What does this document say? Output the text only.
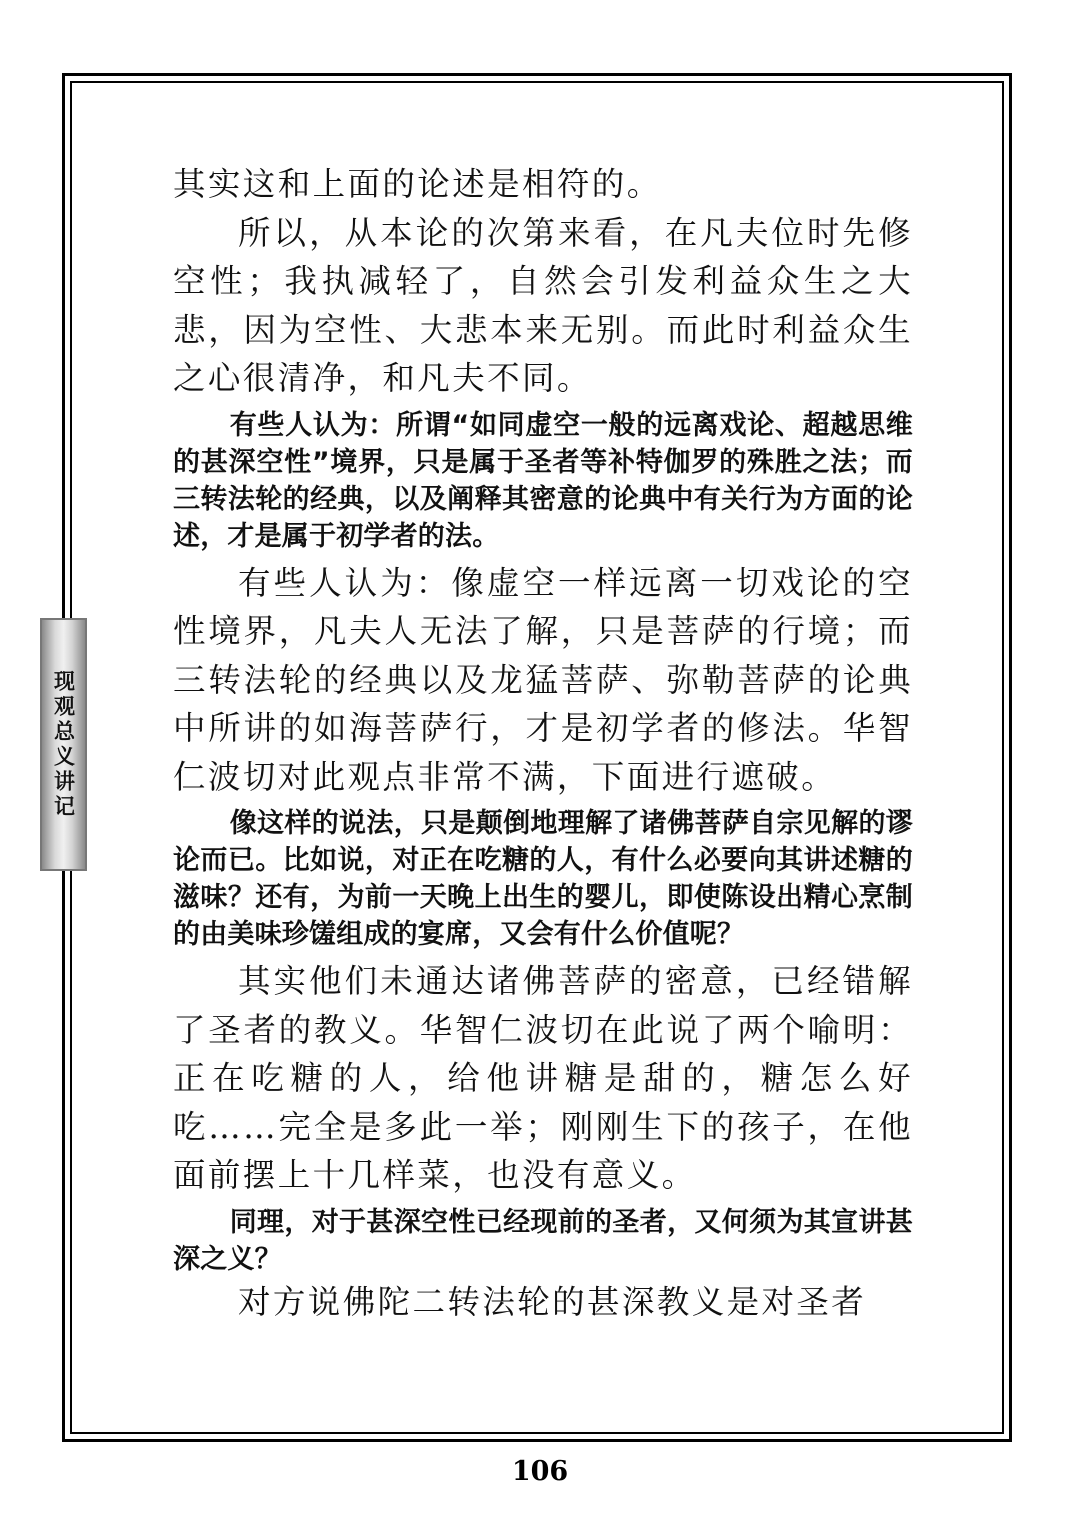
现观总义讲记

其实这和上面的论述是相符的。

所以，从本论的次第来看，在凡夫位时先修空性；我执减轻了，自然会引发利益众生之大悲，因为空性、大悲本来无别。而此时利益众生之心很清净，和凡夫不同。

有些人认为：所谓“如同虚空一般的远离戏论、超越思维的甚深空性”境界，只是属于圣者等补特伽罗的殊胜之法；而三转法轮的经典，以及阐释其密意的论典中有关行为方面的论述，才是属于初学者的法。

有些人认为：像虚空一样远离一切戏论的空性境界，凡夫人无法了解，只是菩萨的行境；而三转法轮的经典以及龙猛菩萨、弥勒菩萨的论典中所讲的如海菩萨行，才是初学者的修法。华智仁波切对此观点非常不满，下面进行遮破。

像这样的说法，只是颠倒地理解了诸佛菩萨自宗见解的谬论而已。比如说，对正在吃糖的人，有什么必要向其讲述糖的滋味？还有，为前一天晚上出生的婴儿，即使陈设出精心烹制的由美味珍馐组成的宴席，又会有什么价值呢？

其实他们未通达诸佛菩萨的密意，已经错解了圣者的教义。华智仁波切在此说了两个喻明：正在吃糖的人，给他讲糖是甜的，糖怎么好吃……完全是多此一举；刚刚生下的孩子，在他面前摆上十几样菜，也没有意义。

同理，对于甚深空性已经现前的圣者，又何须为其宣讲甚深之义？

对方说佛陀二转法轮的甚深教义是对圣者

106
